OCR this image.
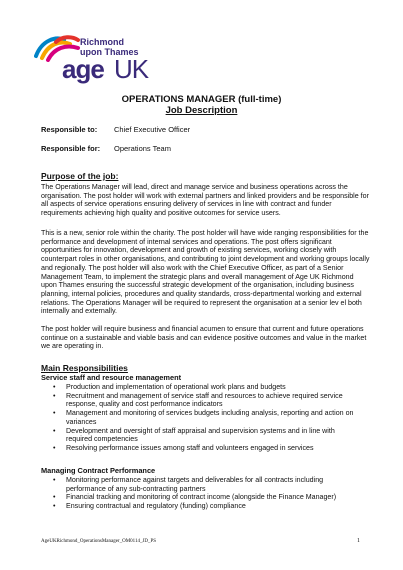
Richmond
upon Thames
age UK
OPERATIONS MANAGER (full-time)
Job Description
Responsible to: Chief Executive Officer
Responsible for: Operations Team
Purpose of the job:
The Operations Manager will lead, direct and manage service and business operations across the organisation. The post holder will work with external partners and linked providers and be responsible for all aspects of service operations ensuring delivery of services in line with contract and funder requirements achieving high quality and positive outcomes for service users.
This is a new, senior role within the charity. The post holder will have wide ranging responsibilities for the performance and development of internal services and operations. The post offers significant opportunities for innovation, development and growth of existing services, working closely with counterpart roles in other organisations, and contributing to joint development and working groups locally and regionally. The post holder will also work with the Chief Executive Officer, as part of a Senior Management Team, to implement the strategic plans and overall management of Age UK Richmond upon Thames ensuring the successful strategic development of the organisation, including business planning, internal policies, procedures and quality standards, cross-departmental working and external relations. The Operations Manager will be required to represent the organisation at a senior lev el both internally and externally.
The post holder will require business and financial acumen to ensure that current and future operations continue on a sustainable and viable basis and can evidence positive outcomes and value in the market we are operating in.
Main Responsibilities
Service staff and resource management
• Production and implementation of operational work plans and budgets
• Recruitment and management of service staff and resources to achieve required service response, quality and cost performance indicators
• Management and monitoring of services budgets including analysis, reporting and action on variances
• Development and oversight of staff appraisal and supervision systems and in line with required competencies
• Resolving performance issues among staff and volunteers engaged in services
Managing Contract Performance
• Monitoring performance against targets and deliverables for all contracts including performance of any sub-contracting partners
• Financial tracking and monitoring of contract income (alongside the Finance Manager)
• Ensuring contractual and regulatory (funding) compliance
AgeUKRichmond_OperationsManager_OM0114_JD_PS	1
